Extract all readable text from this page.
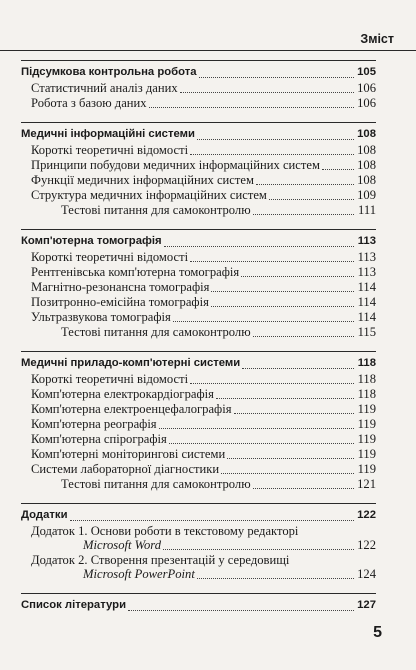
Зміст
Підсумкова контрольна робота	105
Статистичний аналіз даних	106
Робота з базою даних	106
Медичні інформаційні системи	108
Короткі теоретичні відомості	108
Принципи побудови медичних інформаційних систем	108
Функції медичних інформаційних систем	108
Структура медичних інформаційних систем	109
Тестові питання для самоконтролю	111
Комп'ютерна томографія	113
Короткі теоретичні відомості	113
Рентгенівська комп'ютерна томографія	113
Магнітно-резонансна томографія	114
Позитронно-емісійна томографія	114
Ультразвукова томографія	114
Тестові питання для самоконтролю	115
Медичні приладо-комп'ютерні системи	118
Короткі теоретичні відомості	118
Комп'ютерна електрокардіографія	118
Комп'ютерна електроенцефалографія	119
Комп'ютерна реографія	119
Комп'ютерна спірографія	119
Комп'ютерні моніторингові системи	119
Системи лабораторної діагностики	119
Тестові питання для самоконтролю	121
Додатки	122
Додаток 1. Основи роботи в текстовому редакторі
Microsoft Word	122
Додаток 2. Створення презентацій у середовищі
Microsoft PowerPoint	124
Список літератури	127
5
